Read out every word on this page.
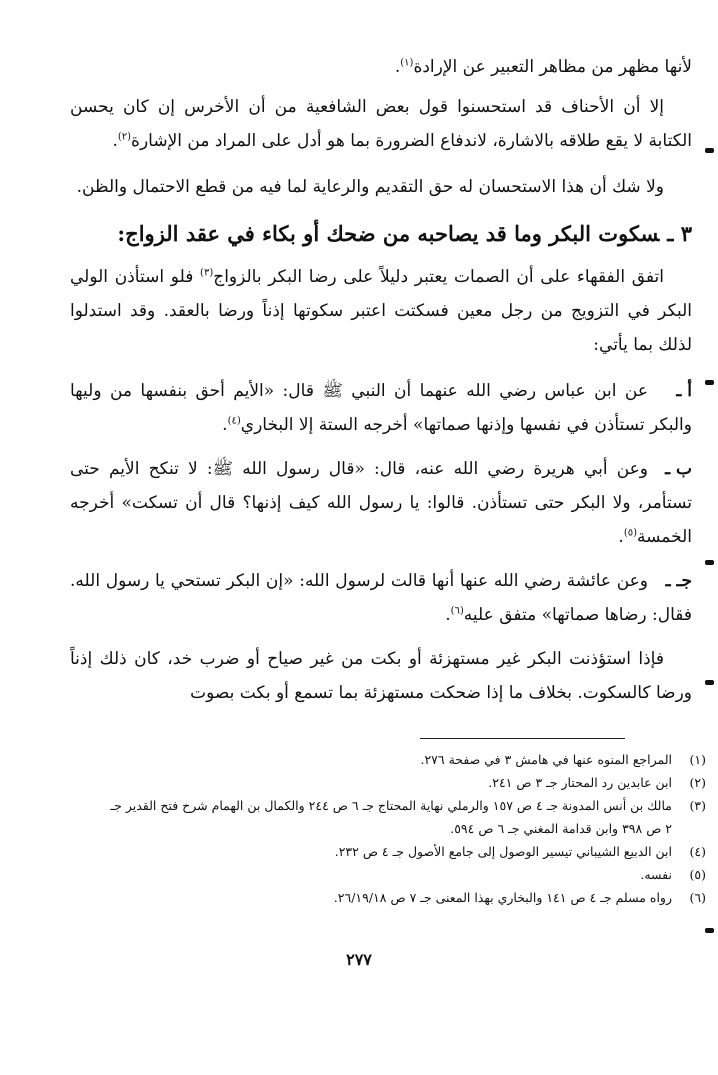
لأنها مظهر من مظاهر التعبير عن الإرادة$^{(١)}$.

إلا أن الأحناف قد استحسنوا قول بعض الشافعية من أن الأخرس إن كان يحسن الكتابة لا يقع طلاقه بالاشارة، لاندفاع الضرورة بما هو أدل على المراد من الإشارة$^{(٢)}$.

ولا شك أن هذا الاستحسان له حق التقديم والرعاية لما فيه من قطع الاحتمال والظن.

٣ ـسكوت البكر وما قد يصاحبه من ضحك أو بكاء في عقد الزواج:

اتفق الفقهاء على أن الصمات يعتبر دليلاً على رضا البكر بالزواج$^{(٣)}$ فلو استأذن الولي البكر في التزويج من رجل معين فسكتت اعتبر سكوتها إذناً ورضا بالعقد. وقد استدلوا لذلك بما يأتي:

أ ـعن ابن عباس رضي الله عنهما أن النبي ﷺ قال: «الأيم أحق بنفسها من وليها والبكر تستأذن في نفسها وإذنها صماتها» أخرجه الستة إلا البخاري$^{(٤)}$.
ب ـوعن أبي هريرة رضي الله عنه، قال: «قال رسول الله ﷺ: لا تنكح الأيم حتى تستأمر، ولا البكر حتى تستأذن. قالوا: يا رسول الله كيف إذنها؟ قال أن تسكت» أخرجه الخمسة$^{(٥)}$.
جـ ـوعن عائشة رضي الله عنها أنها قالت لرسول الله: «إن البكر تستحي يا رسول الله. فقال: رضاها صماتها» متفق عليه$^{(٦)}$.

فإذا استؤذنت البكر غير مستهزئة أو بكت من غير صياح أو ضرب خد، كان ذلك إذناً ورضا كالسكوت. بخلاف ما إذا ضحكت مستهزئة بما تسمع أو بكت بصوت

(١)
المراجع المنوه عنها في هامش ٣ في صفحة ٢٧٦.
(٢)
ابن عابدين رد المحتار جـ ٣ ص ٢٤١.
(٣)
مالك بن أنس المدونة جـ ٤ ص ١٥٧ والرملي نهاية المحتاج جـ ٦ ص ٢٤٤ والكمال بن الهمام شرح فتح القدير جـ ٢ ص ٣٩٨ وابن قدامة المغني جـ ٦ ص ٥٩٤.
(٤)
ابن الدبيع الشيباني تيسير الوصول إلى جامع الأصول جـ ٤ ص ٢٣٢.
(٥)
نفسه.
(٦)
رواه مسلم جـ ٤ ص ١٤١ والبخاري بهذا المعنى جـ ٧ ص ٢٦/١٩/١٨.
٢٧٧
